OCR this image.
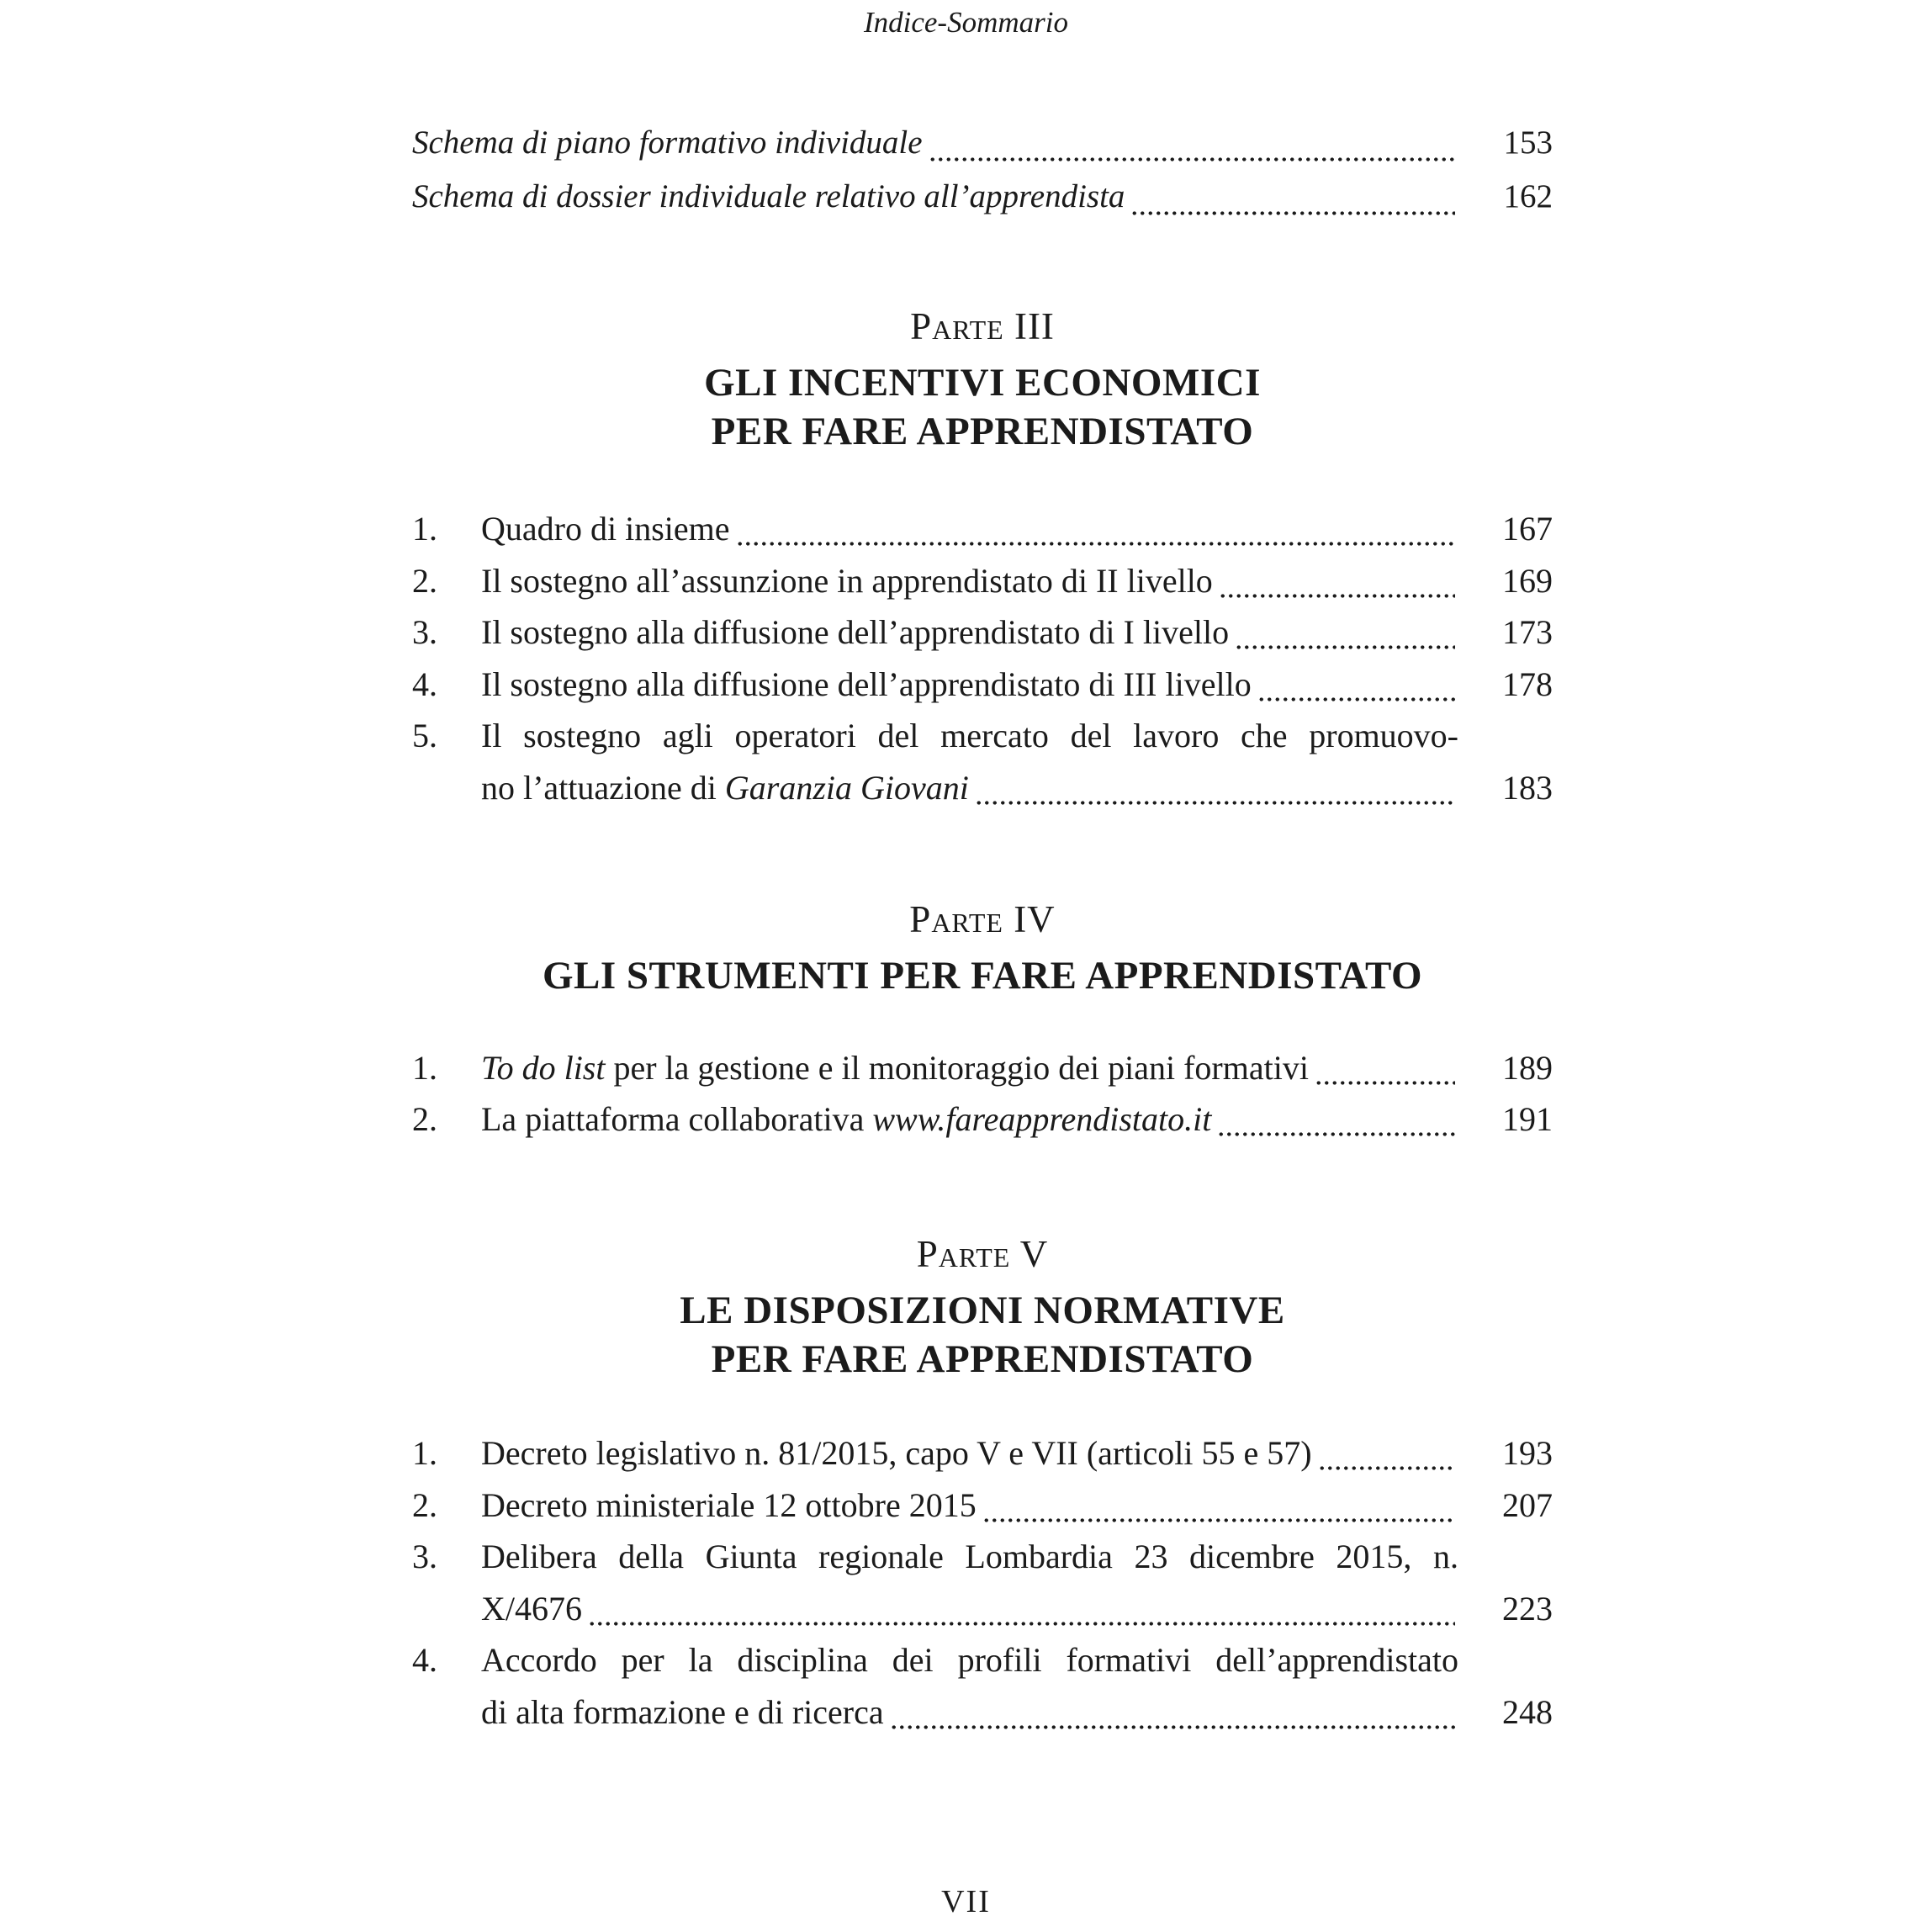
Indice-Sommario
Schema di piano formativo individuale	153
Schema di dossier individuale relativo all’apprendista	162
Parte III
GLI INCENTIVI ECONOMICI
PER FARE APPRENDISTATO
1.	Quadro di insieme	167
2.	Il sostegno all’assunzione in apprendistato di II livello	169
3.	Il sostegno alla diffusione dell’apprendistato di I livello	173
4.	Il sostegno alla diffusione dell’apprendistato di III livello	178
5.	Il sostegno agli operatori del mercato del lavoro che promuovo-
no l’attuazione di Garanzia Giovani	183
Parte IV
GLI STRUMENTI PER FARE APPRENDISTATO
1.	To do list per la gestione e il monitoraggio dei piani formativi	189
2.	La piattaforma collaborativa www.fareapprendistato.it	191
Parte V
LE DISPOSIZIONI NORMATIVE
PER FARE APPRENDISTATO
1.	Decreto legislativo n. 81/2015, capo V e VII (articoli 55 e 57)	193
2.	Decreto ministeriale 12 ottobre 2015	207
3.	Delibera della Giunta regionale Lombardia 23 dicembre 2015, n.
X/4676	223
4.	Accordo per la disciplina dei profili formativi dell’apprendistato
di alta formazione e di ricerca	248
VII
